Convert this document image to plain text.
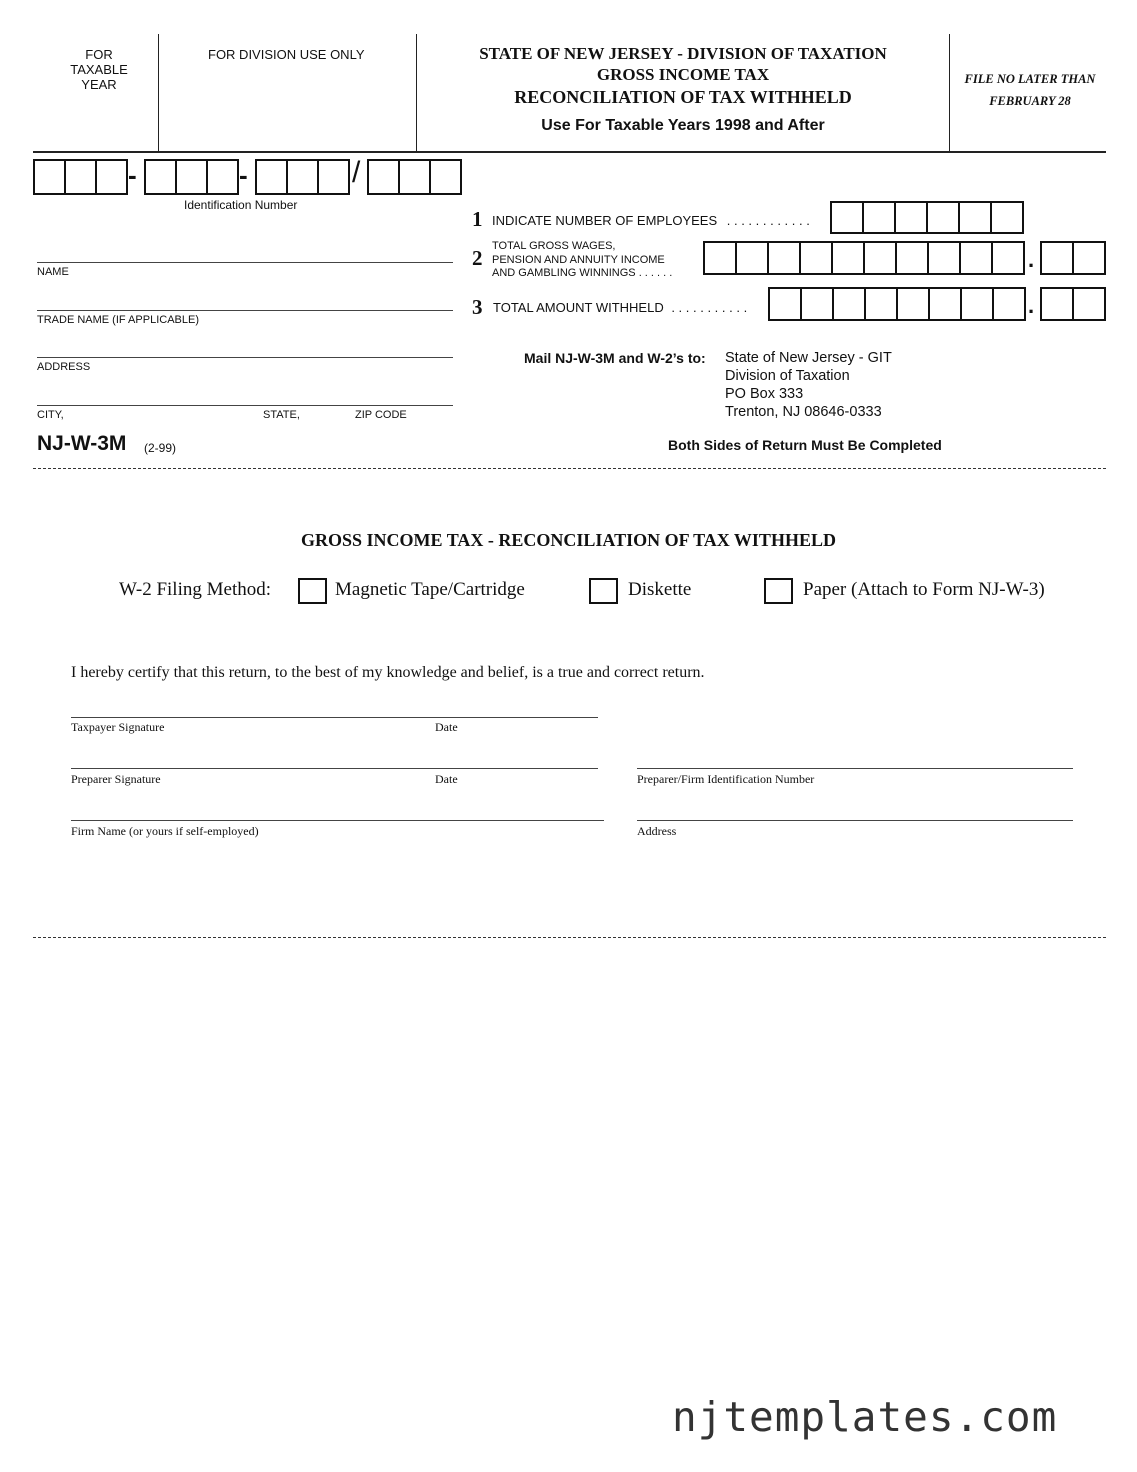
FOR
TAXABLE
YEAR
FOR DIVISION USE ONLY	STATE OF NEW JERSEY - DIVISION OF TAXATION
GROSS INCOME TAX
RECONCILIATION OF TAX WITHHELD
Use For Taxable Years 1998 and After
FILE NO LATER THAN
FEBRUARY 28
-	-	/
Identification Number
NAME
TRADE NAME (IF APPLICABLE)
ADDRESS
CITY,	STATE,	ZIP CODE
NJ-W-3M (2-99)
1 INDICATE NUMBER OF EMPLOYEES . . . . . . . . . . . .
2 TOTAL GROSS WAGES,
PENSION AND ANNUITY INCOME
AND GAMBLING WINNINGS . . . . . .
.
3 TOTAL AMOUNT WITHHELD . . . . . . . . . . .	.
Mail NJ-W-3M and W-2’s to: State of New Jersey - GIT
Division of Taxation
PO Box 333
Trenton, NJ 08646-0333
Both Sides of Return Must Be Completed
GROSS INCOME TAX - RECONCILIATION OF TAX WITHHELD
W-2 Filing Method:	Magnetic Tape/Cartridge	Diskette	Paper (Attach to Form NJ-W-3)
I hereby certify that this return, to the best of my knowledge and belief, is a true and correct return.
Taxpayer Signature	Date
Preparer Signature	Date	Preparer/Firm Identification Number
Firm Name (or yours if self-employed)	Address
njtemplates.com
